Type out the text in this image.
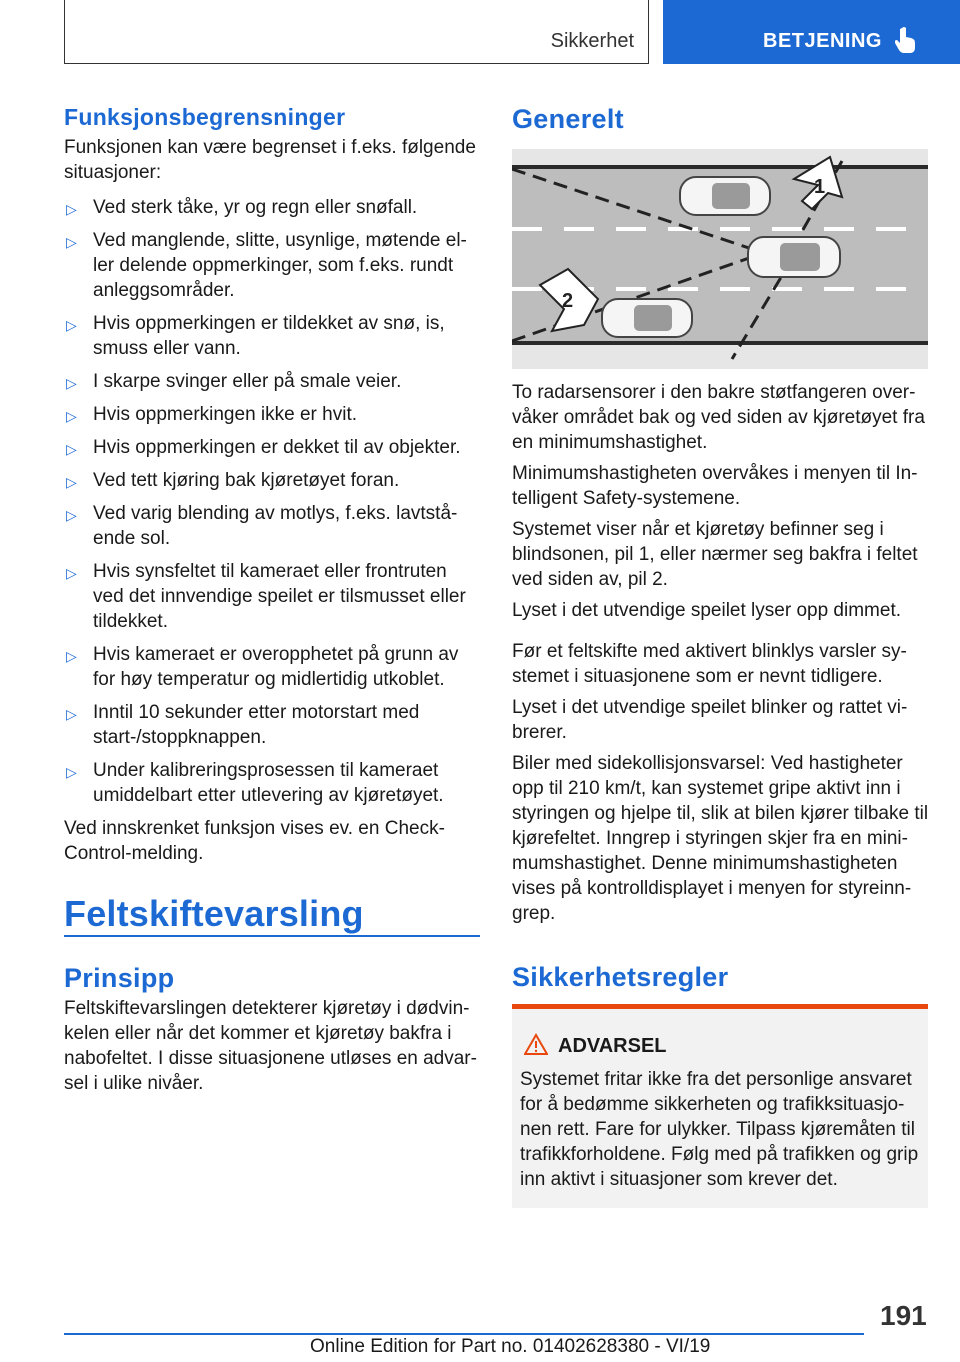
Sikkerhet	BETJENING
Funksjonsbegrensninger

Funksjonen kan være begrenset i f.eks. følgende situasjoner:

▷ Ved sterk tåke, yr og regn eller snøfall.
▷ Ved manglende, slitte, usynlige, møtende el-ler delende oppmerkinger, som f.eks. rundt anleggsområder.
▷ Hvis oppmerkingen er tildekket av snø, is, smuss eller vann.
▷ I skarpe svinger eller på smale veier.
▷ Hvis oppmerkingen ikke er hvit.
▷ Hvis oppmerkingen er dekket til av objekter.
▷ Ved tett kjøring bak kjøretøyet foran.
▷ Ved varig blending av motlys, f.eks. lavtstå-ende sol.
▷ Hvis synsfeltet til kameraet eller frontruten ved det innvendige speilet er tilsmusset eller tildekket.
▷ Hvis kameraet er overopphetet på grunn av for høy temperatur og midlertidig utkoblet.
▷ Inntil 10 sekunder etter motorstart med start-/stoppknappen.
▷ Under kalibreringsprosessen til kameraet umiddelbart etter utlevering av kjøretøyet.

Ved innskrenket funksjon vises ev. en Check-Control-melding.

Feltskiftevarsling
Prinsipp

Feltskiftevarslingen detekterer kjøretøy i dødvin-kelen eller når det kommer et kjøretøy bakfra i nabofeltet. I disse situasjonene utløses en advar-sel i ulike nivåer.

Generelt
1
2

To radarsensorer i den bakre støtfangeren over-våker området bak og ved siden av kjøretøyet fra en minimumshastighet.

Minimumshastigheten overvåkes i menyen til In-telligent Safety-systemene.

Systemet viser når et kjøretøy befinner seg i blindsonen, pil 1, eller nærmer seg bakfra i feltet ved siden av, pil 2.

Lyset i det utvendige speilet lyser opp dimmet.

Før et feltskifte med aktivert blinklys varsler sy-stemet i situasjonene som er nevnt tidligere.

Lyset i det utvendige speilet blinker og rattet vi-brerer.

Biler med sidekollisjonsvarsel: Ved hastigheter opp til 210 km/t, kan systemet gripe aktivt inn i styringen og hjelpe til, slik at bilen kjører tilbake til kjørefeltet. Inngrep i styringen skjer fra en mini-mumshastighet. Denne minimumshastigheten vises på kontrolldisplayet i menyen for styreinn-grep.

Sikkerhetsregler
ADVARSEL

Systemet fritar ikke fra det personlige ansvaret for å bedømme sikkerheten og trafikksituasjo-nen rett. Fare for ulykker. Tilpass kjøremåten til trafikkforholdene. Følg med på trafikken og grip inn aktivt i situasjoner som krever det.

191
Online Edition for Part no. 01402628380 - VI/19
